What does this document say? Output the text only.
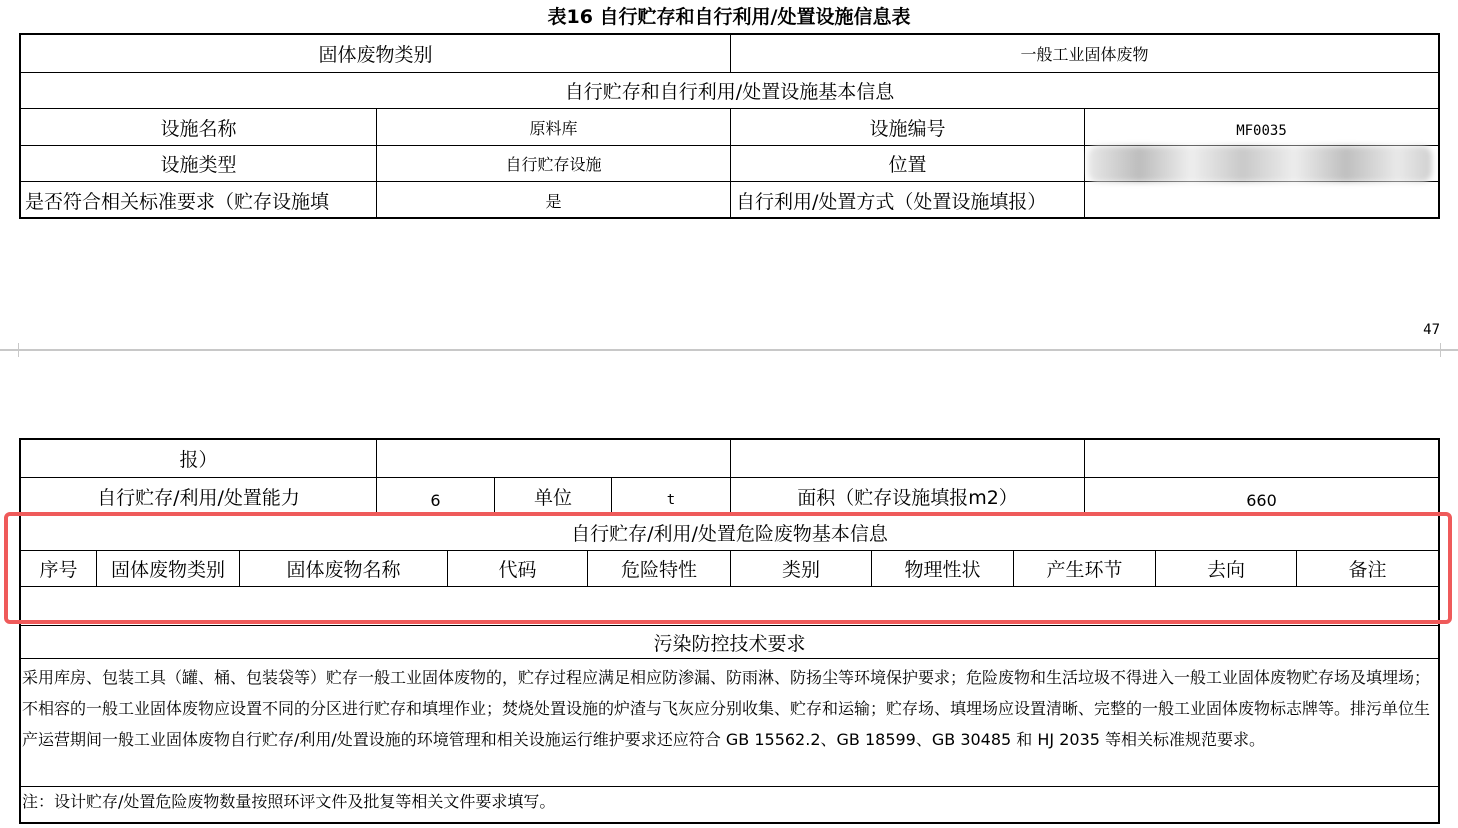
表16 自行贮存和自行利用/处置设施信息表
固体废物类别	一般工业固体废物
自行贮存和自行利用/处置设施基本信息
设施名称	原料库	设施编号	MF0035
设施类型	自行贮存设施	位置
是否符合相关标准要求（贮存设施填	是	自行利用/处置方式（处置设施填报）
47
报）
自行贮存/利用/处置能力	6	单位	t	面积（贮存设施填报m2）	660
自行贮存/利用/处置危险废物基本信息
序号	固体废物类别	固体废物名称	代码	危险特性	类别	物理性状	产生环节	去向	备注
污染防控技术要求
采用库房、包装工具（罐、桶、包装袋等）贮存一般工业固体废物的，贮存过程应满足相应防渗漏、防雨淋、防扬尘等环境保护要求；危险废物和生活垃圾不得进入一般工业固体废物贮存场及填埋场；不相容的一般工业固体废物应设置不同的分区进行贮存和填埋作业；焚烧处置设施的炉渣与飞灰应分别收集、贮存和运输；贮存场、填埋场应设置清晰、完整的一般工业固体废物标志牌等。排污单位生产运营期间一般工业固体废物自行贮存/利用/处置设施的环境管理和相关设施运行维护要求还应符合 GB 15562.2、GB 18599、GB 30485 和 HJ 2035 等相关标准规范要求。
注：设计贮存/处置危险废物数量按照环评文件及批复等相关文件要求填写。
